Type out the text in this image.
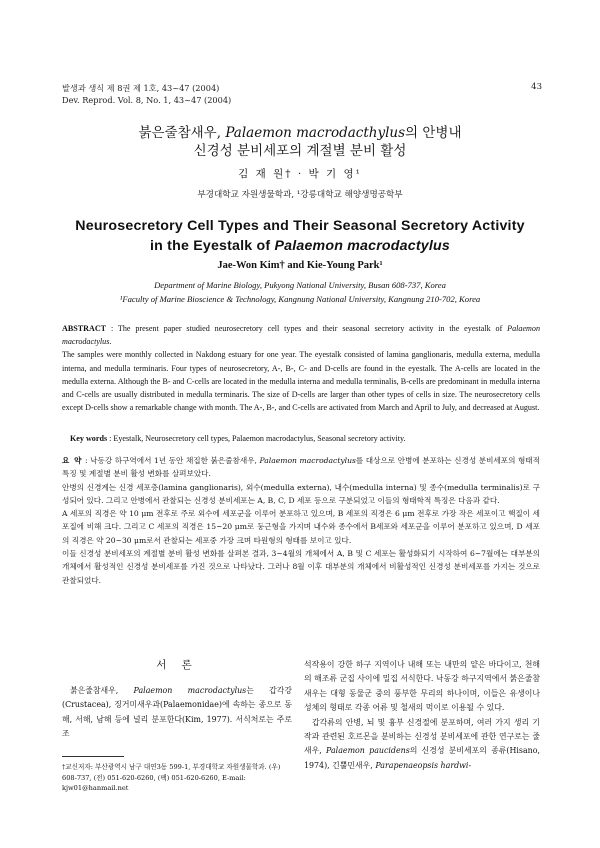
발생과 생식 제 8권 제 1호, 43~47 (2004)
Dev. Reprod. Vol. 8, No. 1, 43~47 (2004)
43
붉은줄참새우, Palaemon macrodacthylus의 안병내
신경성 분비세포의 계절별 분비 활성
김 재 원† · 박 기 영¹
부경대학교 자원생물학과, ¹강릉대학교 해양생명공학부
Neurosecretory Cell Types and Their Seasonal Secretory Activity
in the Eyestalk of Palaemon macrodactylus
Jae-Won Kim† and Kie-Young Park¹
Department of Marine Biology, Pukyong National University, Busan 608-737, Korea
¹Faculty of Marine Bioscience & Technology, Kangnung National University, Kangnung 210-702, Korea

ABSTRACT : The present paper studied neurosecretory cell types and their seasonal secretory activity in the eyestalk of Palaemon macrodactylus.

The samples were monthly collected in Nakdong estuary for one year. The eyestalk consisted of lamina ganglionaris, medulla externa, medulla interna, and medulla terminaris. Four types of neurosecretory, A-, B-, C- and D-cells are found in the eyestalk. The A-cells are located in the medulla externa. Although the B- and C-cells are located in the medulla interna and medulla terminalis, B-cells are predominant in medulla interna and C-cells are usually distributed in medulla terminaris. The size of D-cells are larger than other types of cells in size. The neurosecretory cells except D-cells show a remarkable change with month. The A-, B-, and C-cells are activated from March and April to July, and decreased at August.

Key words : Eyestalk, Neurosecretory cell types, Palaemon macrodactylus, Seasonal secretory activity.

요 약 : 낙동강 하구역에서 1년 동안 채집한 붉은줄참새우, Palaemon macrodactylus를 대상으로 안병에 분포하는 신경성 분비세포의 형태적 특징 및 계절별 분비 활성 변화를 살펴보았다.

안병의 신경계는 신경 세포층(lamina ganglionaris), 외수(medulla externa), 내수(medulla interna) 및 종수(medulla terminalis)로 구성되어 있다. 그리고 안병에서 관찰되는 신경성 분비세포는 A, B, C, D 세포 등으로 구분되었고 이들의 형태학적 특징은 다음과 같다.

A 세포의 직경은 약 10 μm 전후로 주로 외수에 세포군을 이루어 분포하고 있으며, B 세포의 직경은 6 μm 전후로 가장 작은 세포이고 핵질이 세포질에 비해 크다. 그리고 C 세포의 직경은 15~20 μm로 둥근형을 가지며 내수와 종수에서 B세포와 세포군을 이루어 분포하고 있으며, D 세포의 직경은 약 20~30 μm로서 관찰되는 세포중 가장 크며 타원형의 형태를 보이고 있다.

이들 신경성 분비세포의 계절별 분비 활성 변화를 살펴본 결과, 3~4월의 개체에서 A, B 및 C 세포는 활성화되기 시작하여 6~7월에는 대부분의 개체에서 활성적인 신경성 분비세포를 가진 것으로 나타났다. 그러나 8월 이후 대부분의 개체에서 비활성적인 신경성 분비세포를 가지는 것으로 관찰되었다.

서 론

붉은줄참새우, Palaemon macrodactylus는 갑각강(Crustacea), 징거미새우과(Palaemonidae)에 속하는 종으로 동해, 서해, 남해 등에 널리 분포한다(Kim, 1977). 서식처로는 주로 조

석작용이 강한 하구 지역이나 내해 또는 내만의 얕은 바다이고, 천해의 해조류 군집 사이에 밀집 서식한다. 낙동강 하구지역에서 붉은줄참새우는 대형 동물군 중의 풍부한 무리의 하나이며, 이들은 유생이나 성체의 형태로 각종 어류 및 철새의 먹이로 이용될 수 있다.

갑각류의 안병, 뇌 및 흉부 신경절에 분포하며, 여러 가지 생리 기작과 관련된 호르몬을 분비하는 신경성 분비세포에 관한 연구로는 줄새우, Palaemon paucidens의 신경성 분비세포의 종류(Hisano, 1974), 긴뿔민새우, Parapenaeopsis hardwi-

†교신저자: 부산광역시 남구 대연3동 599-1, 부경대학교 자원생물학과. (우) 608-737, (전) 051-620-6260, (팩) 051-620-6260, E-mail: kjw01@hanmail.net
